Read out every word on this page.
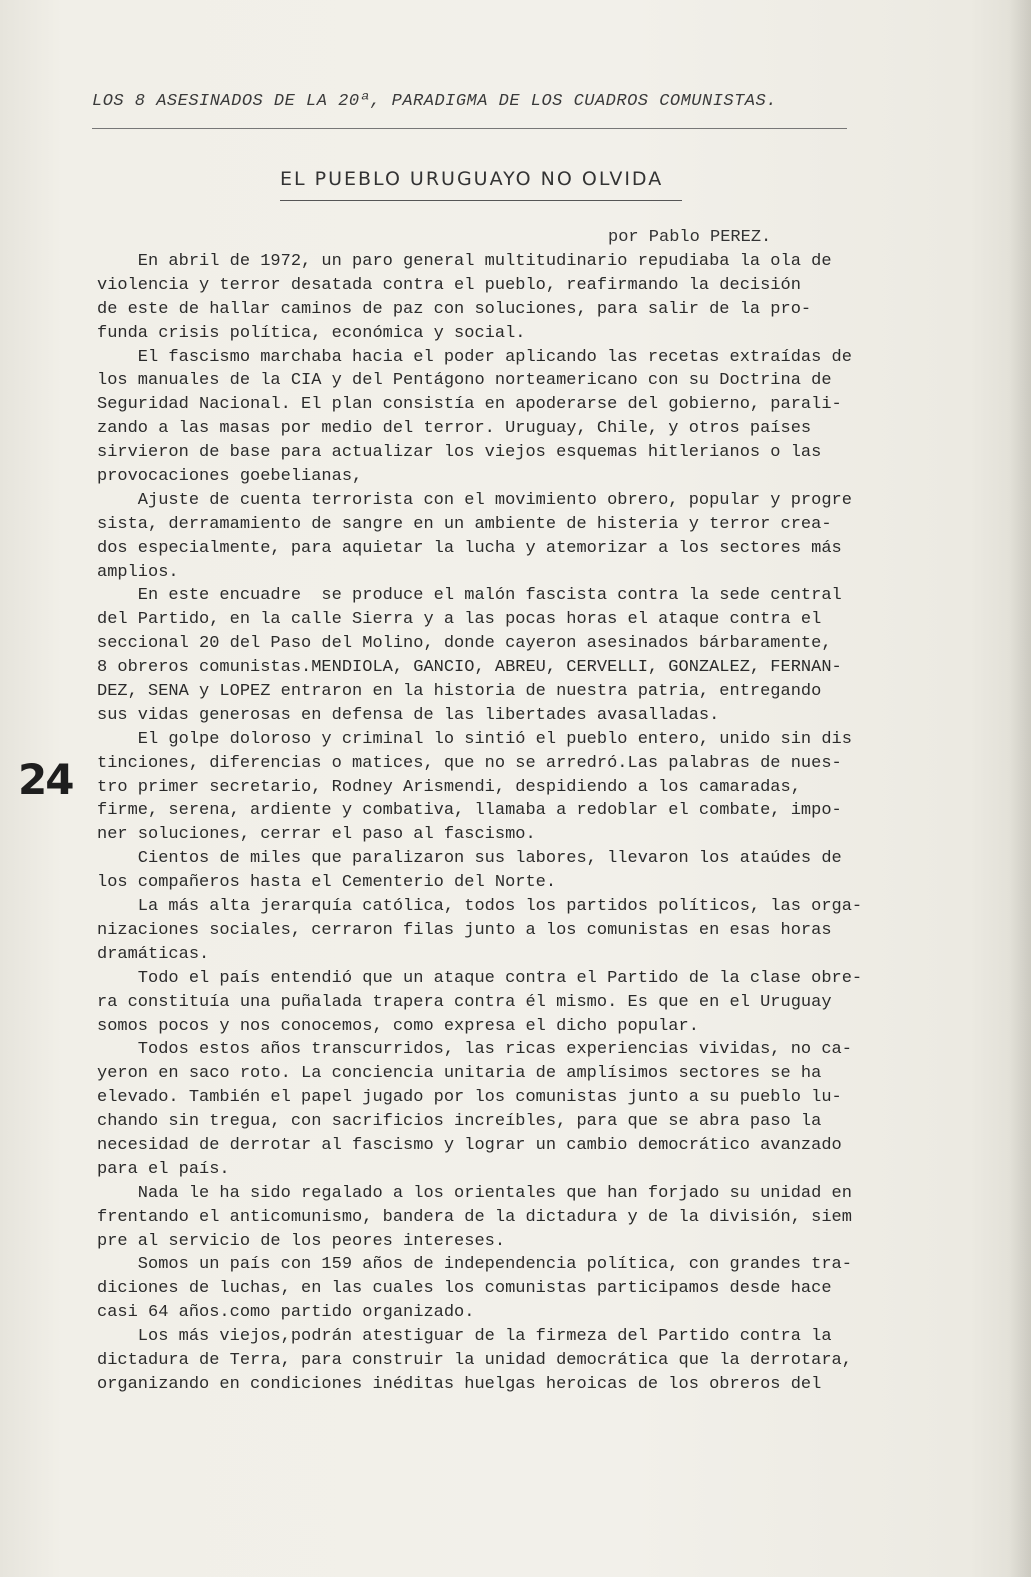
LOS 8 ASESINADOS DE LA 20ª, PARADIGMA DE LOS CUADROS COMUNISTAS.
EL PUEBLO URUGUAYO NO OLVIDA
por Pablo PEREZ.
En abril de 1972, un paro general multitudinario repudiaba la ola de
violencia y terror desatada contra el pueblo, reafirmando la decisión
de este de hallar caminos de paz con soluciones, para salir de la pro-
funda crisis política, económica y social.
El fascismo marchaba hacia el poder aplicando las recetas extraídas de
los manuales de la CIA y del Pentágono norteamericano con su Doctrina de
Seguridad Nacional. El plan consistía en apoderarse del gobierno, parali-
zando a las masas por medio del terror. Uruguay, Chile, y otros países
sirvieron de base para actualizar los viejos esquemas hitlerianos o las
provocaciones goebelianas,
Ajuste de cuenta terrorista con el movimiento obrero, popular y progre
sista, derramamiento de sangre en un ambiente de histeria y terror crea-
dos especialmente, para aquietar la lucha y atemorizar a los sectores más
amplios.
En este encuadre  se produce el malón fascista contra la sede central
del Partido, en la calle Sierra y a las pocas horas el ataque contra el
seccional 20 del Paso del Molino, donde cayeron asesinados bárbaramente,
8 obreros comunistas.MENDIOLA, GANCIO, ABREU, CERVELLI, GONZALEZ, FERNAN-
DEZ, SENA y LOPEZ entraron en la historia de nuestra patria, entregando
sus vidas generosas en defensa de las libertades avasalladas.
El golpe doloroso y criminal lo sintió el pueblo entero, unido sin dis
tinciones, diferencias o matices, que no se arredró.Las palabras de nues-
tro primer secretario, Rodney Arismendi, despidiendo a los camaradas,
firme, serena, ardiente y combativa, llamaba a redoblar el combate, impo-
ner soluciones, cerrar el paso al fascismo.
Cientos de miles que paralizaron sus labores, llevaron los ataúdes de
los compañeros hasta el Cementerio del Norte.
La más alta jerarquía católica, todos los partidos políticos, las orga-
nizaciones sociales, cerraron filas junto a los comunistas en esas horas
dramáticas.
Todo el país entendió que un ataque contra el Partido de la clase obre-
ra constituía una puñalada trapera contra él mismo. Es que en el Uruguay
somos pocos y nos conocemos, como expresa el dicho popular.
Todos estos años transcurridos, las ricas experiencias vividas, no ca-
yeron en saco roto. La conciencia unitaria de amplísimos sectores se ha
elevado. También el papel jugado por los comunistas junto a su pueblo lu-
chando sin tregua, con sacrificios increíbles, para que se abra paso la
necesidad de derrotar al fascismo y lograr un cambio democrático avanzado
para el país.
Nada le ha sido regalado a los orientales que han forjado su unidad en
frentando el anticomunismo, bandera de la dictadura y de la división, siem
pre al servicio de los peores intereses.
Somos un país con 159 años de independencia política, con grandes tra-
diciones de luchas, en las cuales los comunistas participamos desde hace
casi 64 años.como partido organizado.
Los más viejos,podrán atestiguar de la firmeza del Partido contra la
dictadura de Terra, para construir la unidad democrática que la derrotara,
organizando en condiciones inéditas huelgas heroicas de los obreros del
24
